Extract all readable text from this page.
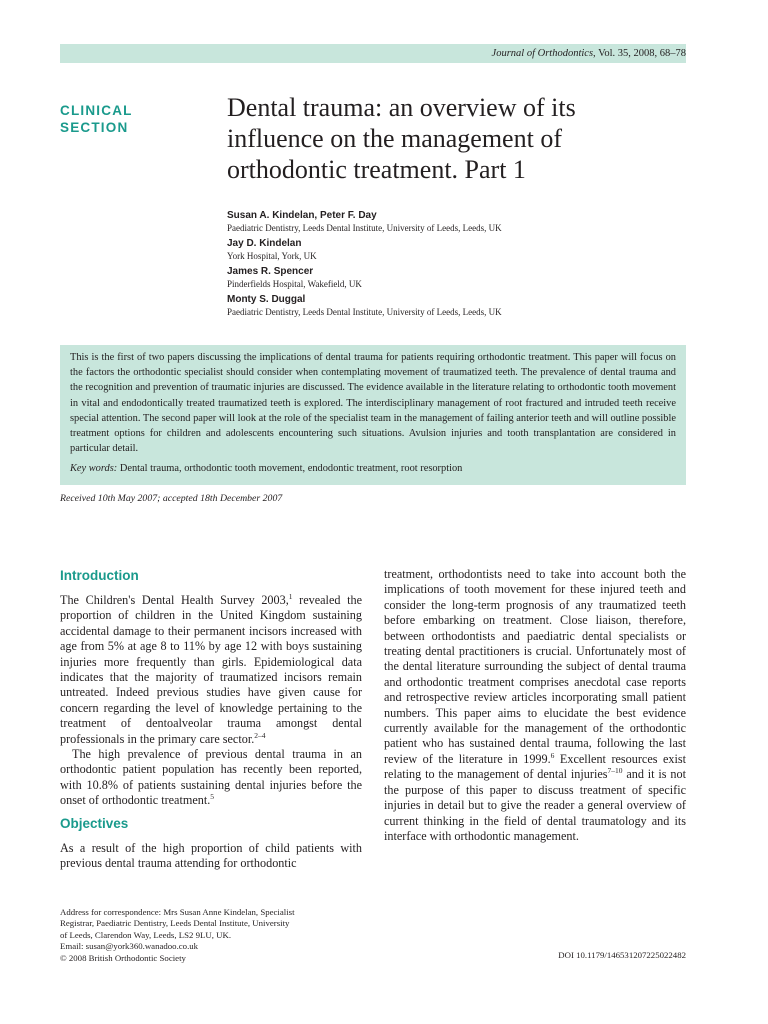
Journal of Orthodontics, Vol. 35, 2008, 68–78
CLINICAL
SECTION
Dental trauma: an overview of its influence on the management of orthodontic treatment. Part 1
Susan A. Kindelan, Peter F. Day
Paediatric Dentistry, Leeds Dental Institute, University of Leeds, Leeds, UK
Jay D. Kindelan
York Hospital, York, UK
James R. Spencer
Pinderfields Hospital, Wakefield, UK
Monty S. Duggal
Paediatric Dentistry, Leeds Dental Institute, University of Leeds, Leeds, UK

This is the first of two papers discussing the implications of dental trauma for patients requiring orthodontic treatment. This paper will focus on the factors the orthodontic specialist should consider when contemplating movement of traumatized teeth. The prevalence of dental trauma and the recognition and prevention of traumatic injuries are discussed. The evidence available in the literature relating to orthodontic tooth movement in vital and endodontically treated traumatized teeth is explored. The interdisciplinary management of root fractured and intruded teeth receive special attention. The second paper will look at the role of the specialist team in the management of failing anterior teeth and will outline possible treatment options for children and adolescents encountering such situations. Avulsion injuries and tooth transplantation are considered in particular detail.

Key words: Dental trauma, orthodontic tooth movement, endodontic treatment, root resorption
Received 10th May 2007; accepted 18th December 2007
Introduction

The Children's Dental Health Survey 2003,$^1$ revealed the proportion of children in the United Kingdom sustaining accidental damage to their permanent incisors increased with age from 5% at age 8 to 11% by age 12 with boys sustaining injuries more frequently than girls. Epidemiological data indicates that the majority of traumatized incisors remain untreated. Indeed previous studies have given cause for concern regarding the level of knowledge pertaining to the treatment of dentoalveolar trauma amongst dental professionals in the primary care sector.$^{2-4}$

The high prevalence of previous dental trauma in an orthodontic patient population has recently been reported, with 10.8% of patients sustaining dental injuries before the onset of orthodontic treatment.$^5$

Objectives

As a result of the high proportion of child patients with previous dental trauma attending for orthodontic

treatment, orthodontists need to take into account both the implications of tooth movement for these injured teeth and consider the long-term prognosis of any traumatized teeth before embarking on treatment. Close liaison, therefore, between orthodontists and paediatric dental specialists or treating dental practitioners is crucial. Unfortunately most of the dental literature surrounding the subject of dental trauma and orthodontic treatment comprises anecdotal case reports and retrospective review articles incorporating small patient numbers. This paper aims to elucidate the best evidence currently available for the management of the orthodontic patient who has sustained dental trauma, following the last review of the literature in 1999.$^6$ Excellent resources exist relating to the management of dental injuries$^{7-10}$ and it is not the purpose of this paper to discuss treatment of specific injuries in detail but to give the reader a general overview of current thinking in the field of dental traumatology and its interface with orthodontic management.

Address for correspondence: Mrs Susan Anne Kindelan, Specialist
Registrar, Paediatric Dentistry, Leeds Dental Institute, University
of Leeds, Clarendon Way, Leeds, LS2 9LU, UK.
Email: susan@york360.wanadoo.co.uk
© 2008 British Orthodontic Society	DOI 10.1179/146531207225022482
